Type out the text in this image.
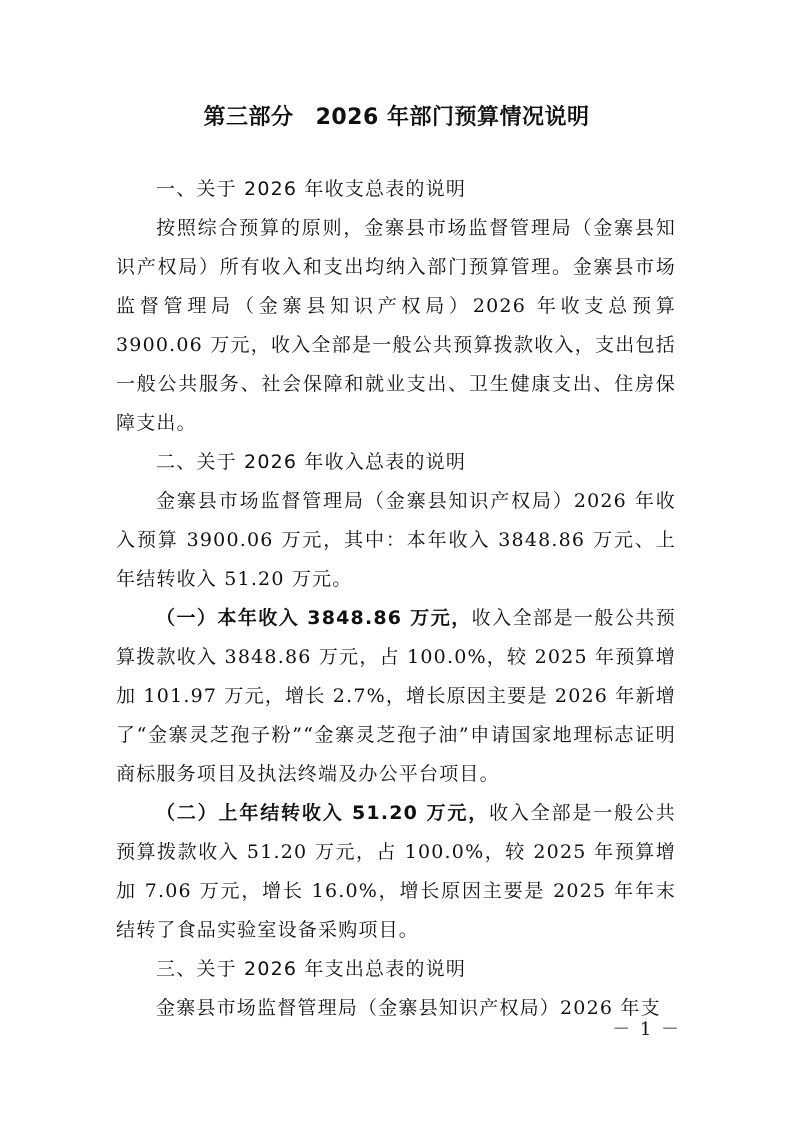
第三部分 2026 年部门预算情况说明

一、关于 2026 年收支总表的说明

按照综合预算的原则，金寨县市场监督管理局（金寨县知识产权局）所有收入和支出均纳入部门预算管理。金寨县市场监督管理局（金寨县知识产权局）2026 年收支总预算 3900.06 万元，收入全部是一般公共预算拨款收入，支出包括一般公共服务、社会保障和就业支出、卫生健康支出、住房保障支出。

二、关于 2026 年收入总表的说明

金寨县市场监督管理局（金寨县知识产权局）2026 年收入预算 3900.06 万元，其中：本年收入 3848.86 万元、上年结转收入 51.20 万元。

（一）本年收入 3848.86 万元，收入全部是一般公共预算拨款收入 3848.86 万元，占 100.0%，较 2025 年预算增加 101.97 万元，增长 2.7%，增长原因主要是 2026 年新增了“金寨灵芝孢子粉”“金寨灵芝孢子油”申请国家地理标志证明商标服务项目及执法终端及办公平台项目。

（二）上年结转收入 51.20 万元，收入全部是一般公共预算拨款收入 51.20 万元，占 100.0%，较 2025 年预算增加 7.06 万元，增长 16.0%，增长原因主要是 2025 年年末结转了食品实验室设备采购项目。

三、关于 2026 年支出总表的说明

金寨县市场监督管理局（金寨县知识产权局）2026 年支

－ 1 －
